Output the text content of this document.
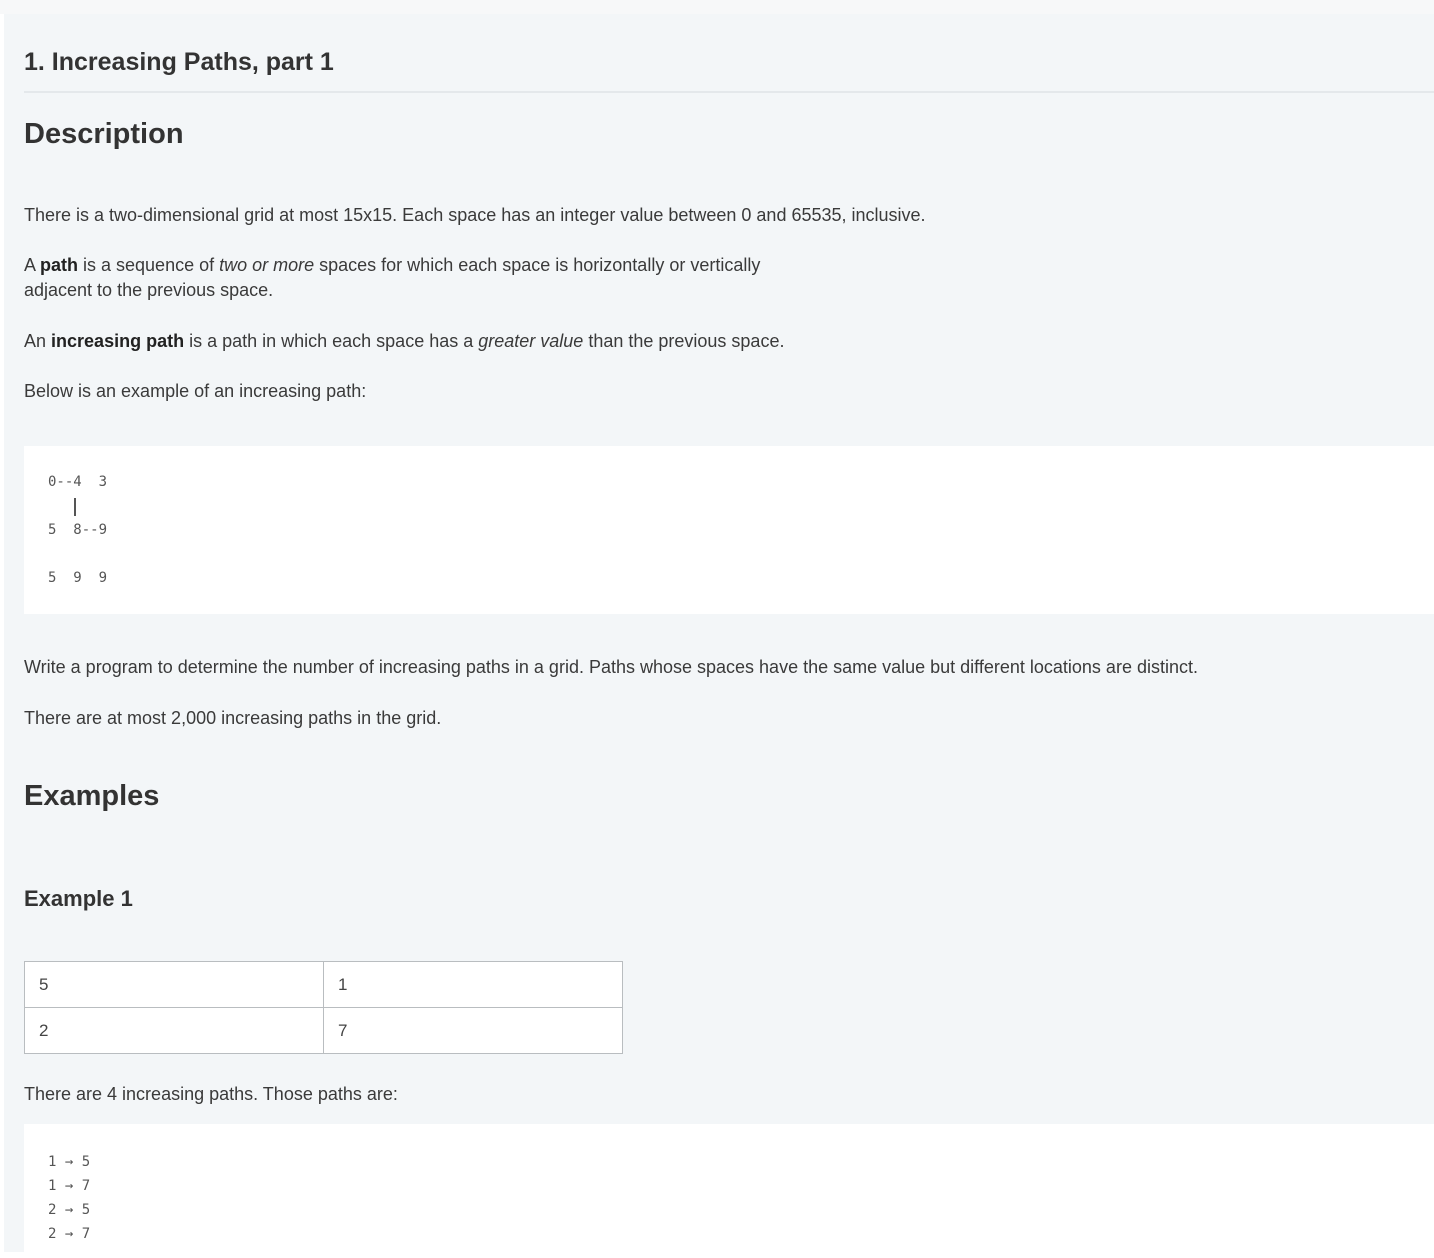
1. Increasing Paths, part 1
Description

There is a two-dimensional grid at most 15x15. Each space has an integer value between 0 and 65535, inclusive.

A path is a sequence of two or more spaces for which each space is horizontally or vertically
adjacent to the previous space.

An increasing path is a path in which each space has a greater value than the previous space.

Below is an example of an increasing path:

0--4  3
5  8--9
5  9  9

Write a program to determine the number of increasing paths in a grid. Paths whose spaces have the same value but different locations are distinct.

There are at most 2,000 increasing paths in the grid.

Examples
Example 1
5	1
2	7

There are 4 increasing paths. Those paths are:

1 → 5
1 → 7
2 → 5
2 → 7
